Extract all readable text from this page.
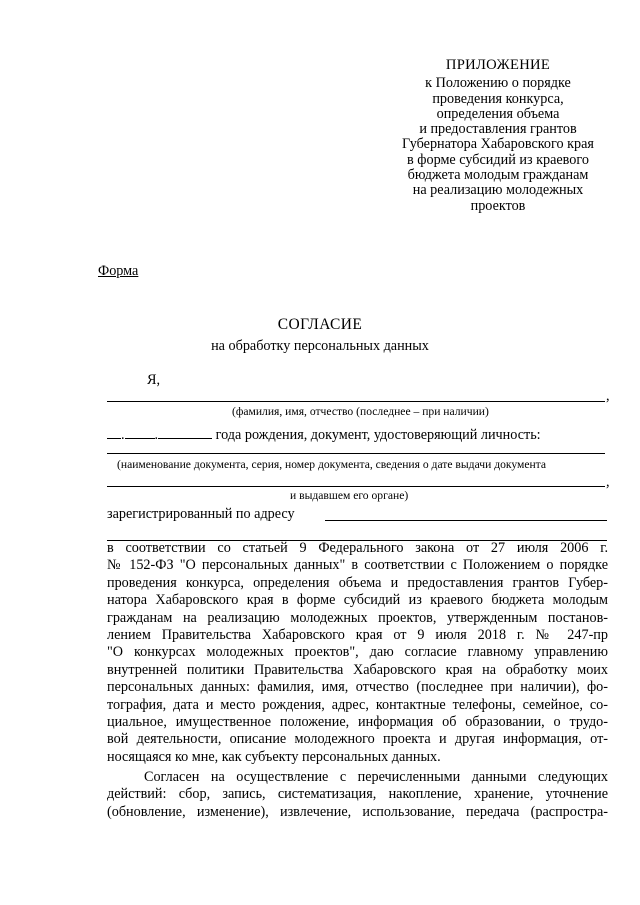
ПРИЛОЖЕНИЕ
к Положению о порядке
проведения конкурса,
определения объема
и предоставления грантов
Губернатора Хабаровского края
в форме субсидий из краевого
бюджета молодым гражданам
на реализацию молодежных
проектов
Форма
СОГЛАСИЕ
на обработку персональных данных
Я,
,
(фамилия, имя, отчество (последнее – при наличии)
. .	года рождения, документ, удостоверяющий личность:
(наименование документа, серия, номер документа, сведения о дате выдачи документа
,
и выдавшем его органе)
зарегистрированный по адресу
в соответствии со статьей 9 Федерального закона от 27 июля 2006 г.
№ 152-ФЗ "О персональных данных" в соответствии с Положением о порядке
проведения конкурса, определения объема и предоставления грантов Губер-
натора Хабаровского края в форме субсидий из краевого бюджета молодым
гражданам на реализацию молодежных проектов, утвержденным постанов-
лением Правительства Хабаровского края от 9 июля 2018 г. № 247-пр
"О конкурсах молодежных проектов", даю согласие главному управлению
внутренней политики Правительства Хабаровского края на обработку моих
персональных данных: фамилия, имя, отчество (последнее при наличии), фо-
тография, дата и место рождения, адрес, контактные телефоны, семейное, со-
циальное, имущественное положение, информация об образовании, о трудо-
вой деятельности, описание молодежного проекта и другая информация, от-
носящаяся ко мне, как субъекту персональных данных.
Согласен на осуществление с перечисленными данными следующих
действий: сбор, запись, систематизация, накопление, хранение, уточнение
(обновление, изменение), извлечение, использование, передача (распростра-
